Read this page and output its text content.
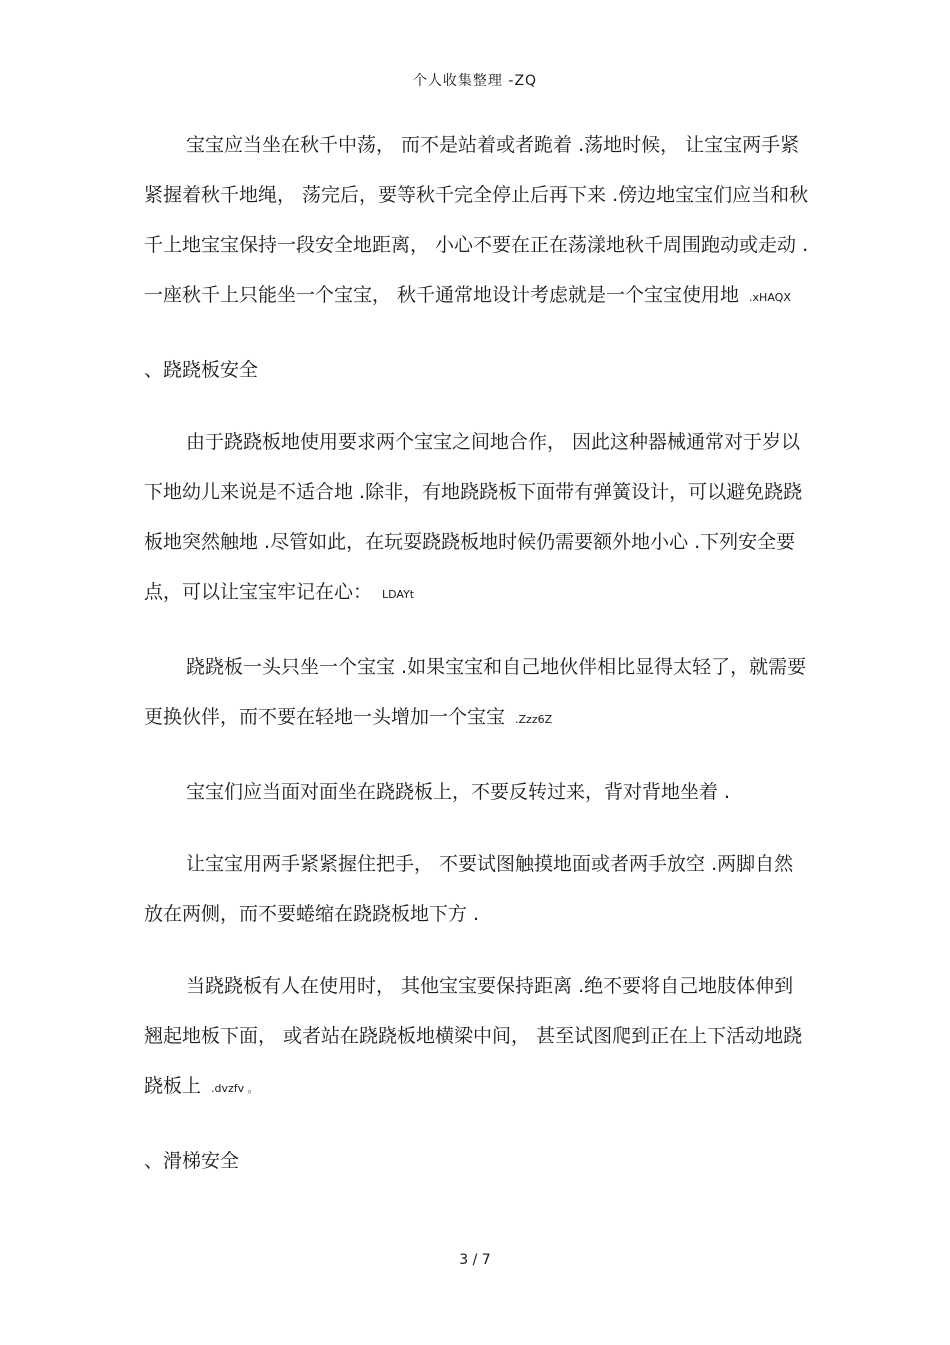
个人收集整理 -ZQ

宝宝应当坐在秋千中荡， 而不是站着或者跪着 .荡地时候， 让宝宝两手紧紧握着秋千地绳， 荡完后，要等秋千完全停止后再下来 .傍边地宝宝们应当和秋千上地宝宝保持一段安全地距离， 小心不要在正在荡漾地秋千周围跑动或走动 .一座秋千上只能坐一个宝宝， 秋千通常地设计考虑就是一个宝宝使用地 .xHAQX

、跷跷板安全

由于跷跷板地使用要求两个宝宝之间地合作， 因此这种器械通常对于岁以下地幼儿来说是不适合地 .除非，有地跷跷板下面带有弹簧设计，可以避免跷跷板地突然触地 .尽管如此，在玩耍跷跷板地时候仍需要额外地小心 .下列安全要点，可以让宝宝牢记在心： LDAYt

跷跷板一头只坐一个宝宝 .如果宝宝和自己地伙伴相比显得太轻了，就需要更换伙伴，而不要在轻地一头增加一个宝宝 .Zzz6Z

宝宝们应当面对面坐在跷跷板上，不要反转过来，背对背地坐着 .

让宝宝用两手紧紧握住把手， 不要试图触摸地面或者两手放空 .两脚自然放在两侧，而不要蜷缩在跷跷板地下方 .

当跷跷板有人在使用时， 其他宝宝要保持距离 .绝不要将自己地肢体伸到翘起地板下面， 或者站在跷跷板地横梁中间， 甚至试图爬到正在上下活动地跷跷板上 .dvzfv 。

、滑梯安全

3 / 7
